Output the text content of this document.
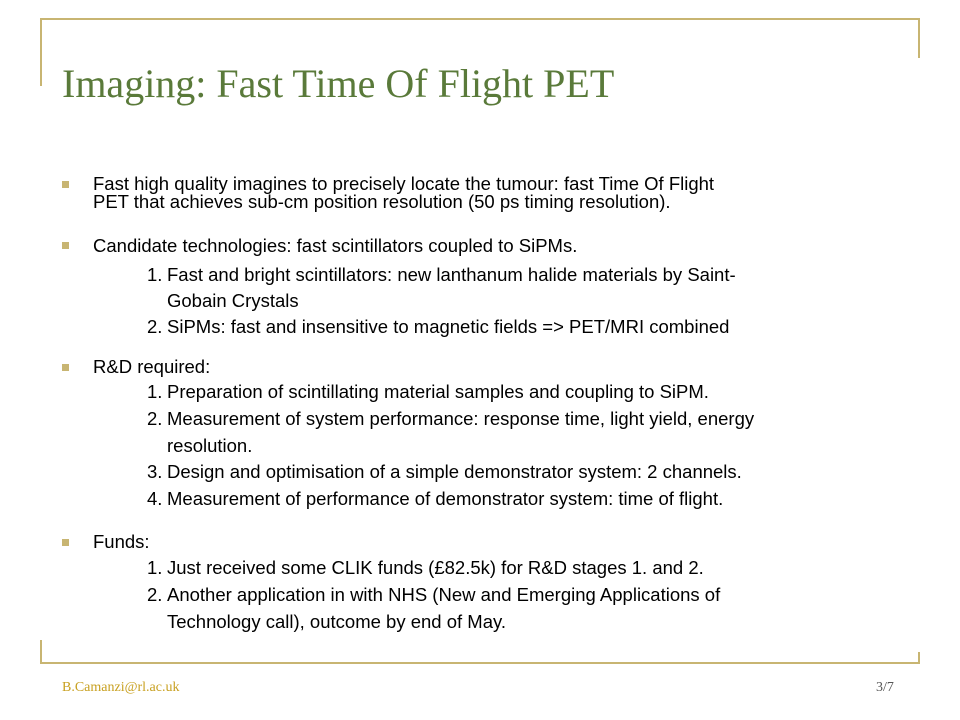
Imaging: Fast Time Of Flight PET
Fast high quality imagines to precisely locate the tumour: fast Time Of Flight
PET that achieves sub-cm position resolution (50 ps timing resolution).
Candidate technologies: fast scintillators coupled to SiPMs.
1. Fast and bright scintillators: new lanthanum halide materials by Saint-
Gobain Crystals
2. SiPMs: fast and insensitive to magnetic fields => PET/MRI combined
R&D required:
1. Preparation of scintillating material samples and coupling to SiPM.
2. Measurement of system performance: response time, light yield, energy
resolution.
3. Design and optimisation of a simple demonstrator system: 2 channels.
4. Measurement of performance of demonstrator system: time of flight.
Funds:
1. Just received some CLIK funds (£82.5k) for R&D stages 1. and 2.
2. Another application in with NHS (New and Emerging Applications of
Technology call), outcome by end of May.
B.Camanzi@rl.ac.uk	3/7
